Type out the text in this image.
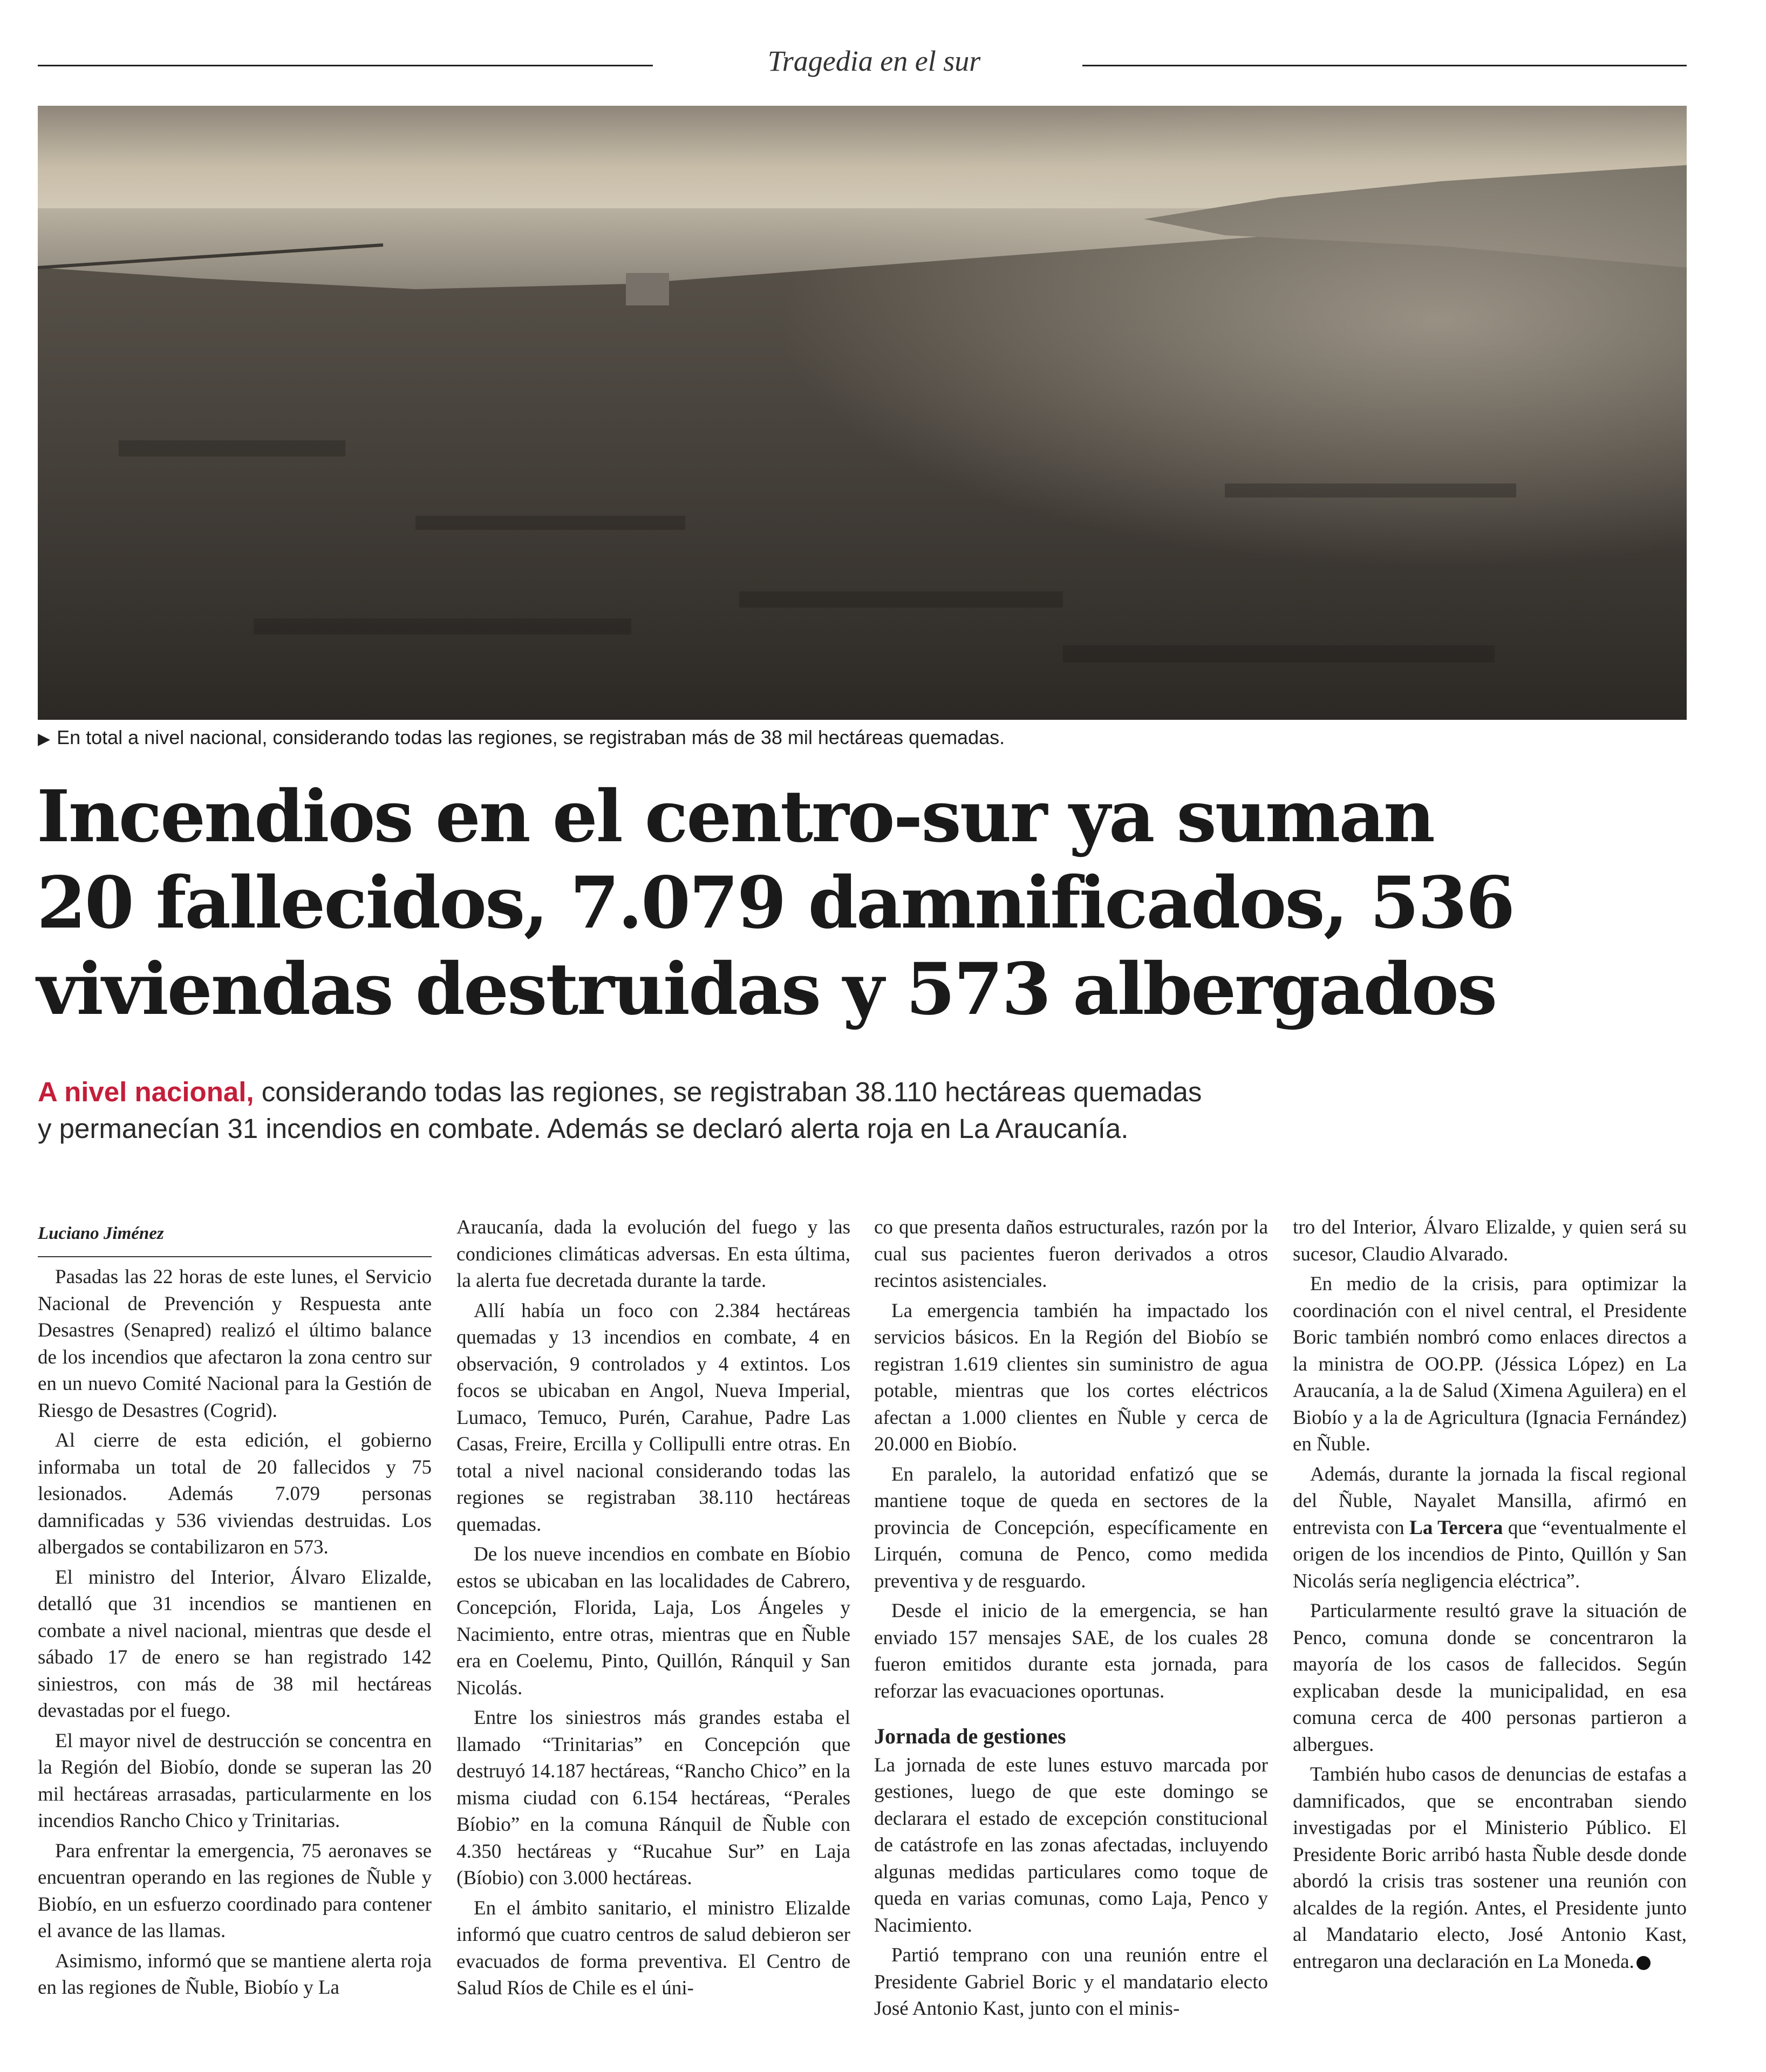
Tragedia en el sur
▶ En total a nivel nacional, considerando todas las regiones, se registraban más de 38 mil hectáreas quemadas.
Incendios en el centro-sur ya suman
20 fallecidos, 7.079 damnificados, 536
viviendas destruidas y 573 albergados
A nivel nacional, considerando todas las regiones, se registraban 38.110 hectáreas quemadas
y permanecían 31 incendios en combate. Además se declaró alerta roja en La Araucanía.
Luciano Jiménez

Pasadas las 22 horas de este lunes, el Servicio Nacional de Prevención y Respuesta ante Desastres (Senapred) realizó el último balance de los incendios que afectaron la zona centro sur en un nuevo Comité Nacional para la Gestión de Riesgo de Desastres (Cogrid).

Al cierre de esta edición, el gobierno informaba un total de 20 fallecidos y 75 lesionados. Además 7.079 personas damnificadas y 536 viviendas destruidas. Los albergados se contabilizaron en 573.

El ministro del Interior, Álvaro Elizalde, detalló que 31 incendios se mantienen en combate a nivel nacional, mientras que desde el sábado 17 de enero se han registrado 142 siniestros, con más de 38 mil hectáreas devastadas por el fuego.

El mayor nivel de destrucción se concentra en la Región del Biobío, donde se superan las 20 mil hectáreas arrasadas, particularmente en los incendios Rancho Chico y Trinitarias.

Para enfrentar la emergencia, 75 aeronaves se encuentran operando en las regiones de Ñuble y Biobío, en un esfuerzo coordinado para contener el avance de las llamas.

Asimismo, informó que se mantiene alerta roja en las regiones de Ñuble, Biobío y La

Araucanía, dada la evolución del fuego y las condiciones climáticas adversas. En esta última, la alerta fue decretada durante la tarde.

Allí había un foco con 2.384 hectáreas quemadas y 13 incendios en combate, 4 en observación, 9 controlados y 4 extintos. Los focos se ubicaban en Angol, Nueva Imperial, Lumaco, Temuco, Purén, Carahue, Padre Las Casas, Freire, Ercilla y Collipulli entre otras. En total a nivel nacional considerando todas las regiones se registraban 38.110 hectáreas quemadas.

De los nueve incendios en combate en Bíobio estos se ubicaban en las localidades de Cabrero, Concepción, Florida, Laja, Los Ángeles y Nacimiento, entre otras, mientras que en Ñuble era en Coelemu, Pinto, Quillón, Ránquil y San Nicolás.

Entre los siniestros más grandes estaba el llamado “Trinitarias” en Concepción que destruyó 14.187 hectáreas, “Rancho Chico” en la misma ciudad con 6.154 hectáreas, “Perales Bíobio” en la comuna Ránquil de Ñuble con 4.350 hectáreas y “Rucahue Sur” en Laja (Bíobio) con 3.000 hectáreas.

En el ámbito sanitario, el ministro Elizalde informó que cuatro centros de salud debieron ser evacuados de forma preventiva. El Centro de Salud Ríos de Chile es el úni-

co que presenta daños estructurales, razón por la cual sus pacientes fueron derivados a otros recintos asistenciales.

La emergencia también ha impactado los servicios básicos. En la Región del Biobío se registran 1.619 clientes sin suministro de agua potable, mientras que los cortes eléctricos afectan a 1.000 clientes en Ñuble y cerca de 20.000 en Biobío.

En paralelo, la autoridad enfatizó que se mantiene toque de queda en sectores de la provincia de Concepción, específicamente en Lirquén, comuna de Penco, como medida preventiva y de resguardo.

Desde el inicio de la emergencia, se han enviado 157 mensajes SAE, de los cuales 28 fueron emitidos durante esta jornada, para reforzar las evacuaciones oportunas.

Jornada de gestiones

La jornada de este lunes estuvo marcada por gestiones, luego de que este domingo se declarara el estado de excepción constitucional de catástrofe en las zonas afectadas, incluyendo algunas medidas particulares como toque de queda en varias comunas, como Laja, Penco y Nacimiento.

Partió temprano con una reunión entre el Presidente Gabriel Boric y el mandatario electo José Antonio Kast, junto con el minis-

tro del Interior, Álvaro Elizalde, y quien será su sucesor, Claudio Alvarado.

En medio de la crisis, para optimizar la coordinación con el nivel central, el Presidente Boric también nombró como enlaces directos a la ministra de OO.PP. (Jéssica López) en La Araucanía, a la de Salud (Ximena Aguilera) en el Biobío y a la de Agricultura (Ignacia Fernández) en Ñuble.

Además, durante la jornada la fiscal regional del Ñuble, Nayalet Mansilla, afirmó en entrevista con La Tercera que “eventualmente el origen de los incendios de Pinto, Quillón y San Nicolás sería negligencia eléctrica”.

Particularmente resultó grave la situación de Penco, comuna donde se concentraron la mayoría de los casos de fallecidos. Según explicaban desde la municipalidad, en esa comuna cerca de 400 personas partieron a albergues.

También hubo casos de denuncias de estafas a damnificados, que se encontraban siendo investigadas por el Ministerio Público. El Presidente Boric arribó hasta Ñuble desde donde abordó la crisis tras sostener una reunión con alcaldes de la región. Antes, el Presidente junto al Mandatario electo, José Antonio Kast, entregaron una declaración en La Moneda.
